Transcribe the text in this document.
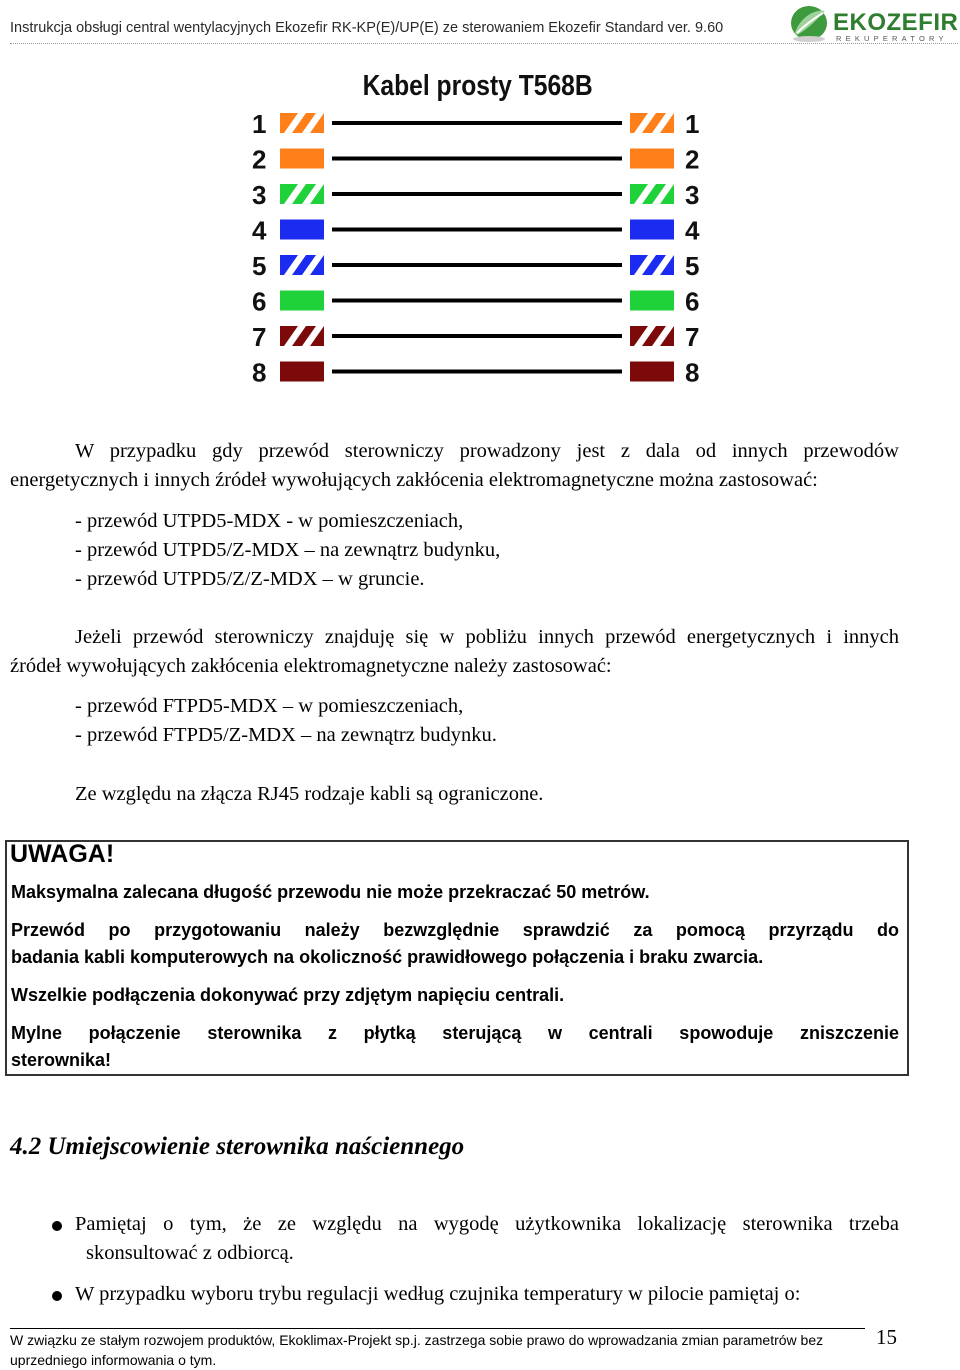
Instrukcja obsługi central wentylacyjnych Ekozefir RK-KP(E)/UP(E) ze sterowaniem Ekozefir Standard ver. 9.60	EKOZEFIR
REKUPERATORY
Kabel prosty T568B
1	1
2	2
3	3
4	4
5	5
6	6
7	7
8	8
W przypadku gdy przewód sterowniczy prowadzony jest z dala od innych przewodów
energetycznych i innych źródeł wywołujących zakłócenia elektromagnetyczne można zastosować:
- przewód UTPD5-MDX - w pomieszczeniach,
- przewód UTPD5/Z-MDX – na zewnątrz budynku,
- przewód UTPD5/Z/Z-MDX – w gruncie.
Jeżeli przewód sterowniczy znajduję się w pobliżu innych przewód energetycznych i innych
źródeł wywołujących zakłócenia elektromagnetyczne należy zastosować:
- przewód FTPD5-MDX – w pomieszczeniach,
- przewód FTPD5/Z-MDX – na zewnątrz budynku.
Ze względu na złącza RJ45 rodzaje kabli są ograniczone.
UWAGA!
Maksymalna zalecana długość przewodu nie może przekraczać 50 metrów.
Przewód po przygotowaniu należy bezwzględnie sprawdzić za pomocą przyrządu do
badania kabli komputerowych na okoliczność prawidłowego połączenia i braku zwarcia.
Wszelkie podłączenia dokonywać przy zdjętym napięciu centrali.
Mylne połączenie sterownika z płytką sterującą w centrali spowoduje zniszczenie
sterownika!
4.2 Umiejscowienie sterownika naściennego
Pamiętaj o tym, że ze względu na wygodę użytkownika lokalizację sterownika trzeba
skonsultować z odbiorcą.
W przypadku wyboru trybu regulacji według czujnika temperatury w pilocie pamiętaj o:
W związku ze stałym rozwojem produktów, Ekoklimax-Projekt sp.j. zastrzega sobie prawo do wprowadzania zmian parametrów bez
uprzedniego informowania o tym.
15
